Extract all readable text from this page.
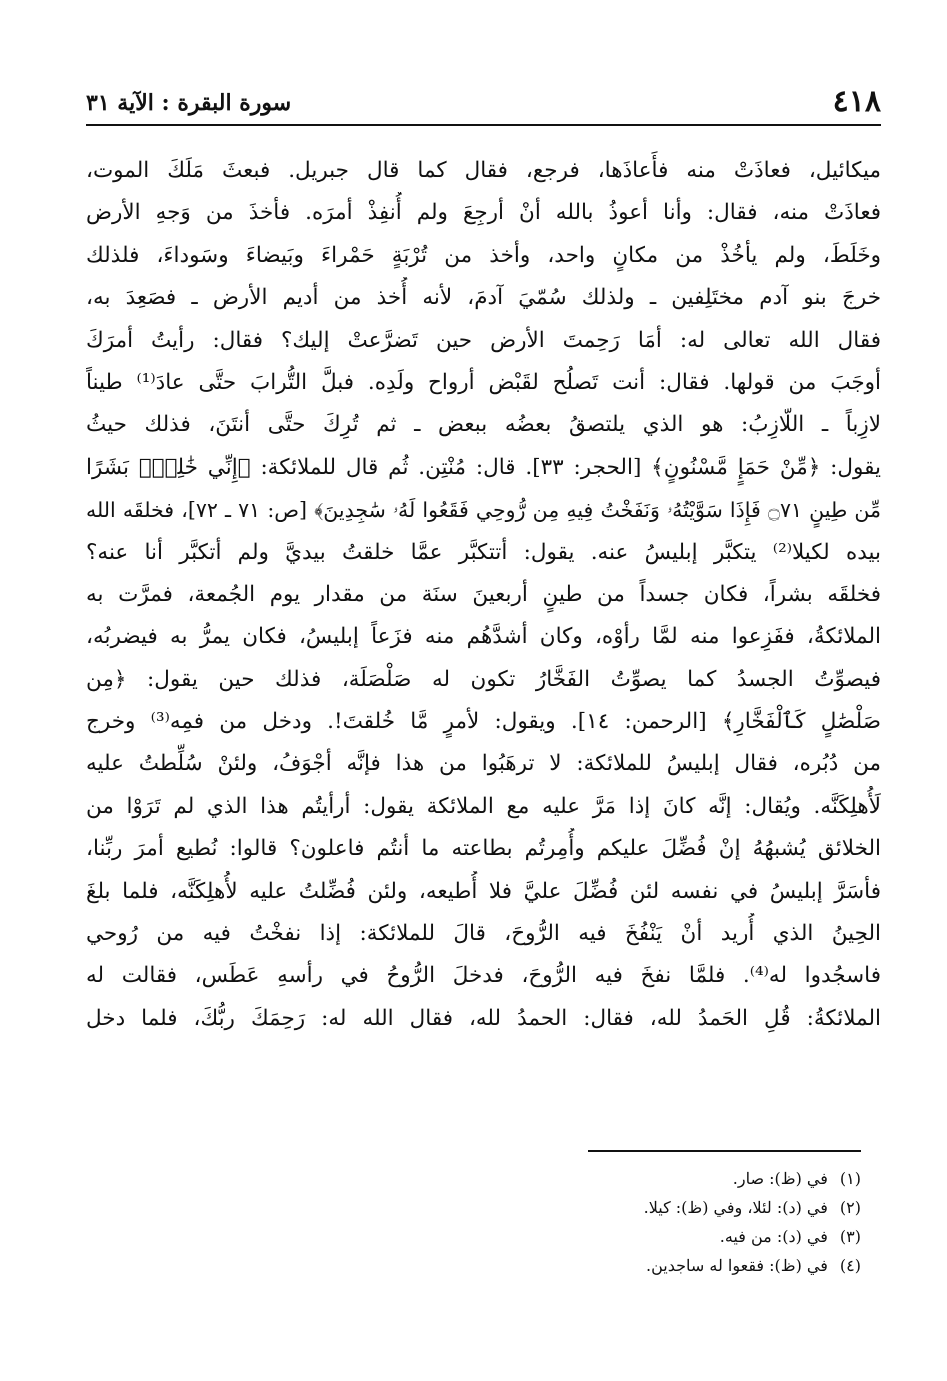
٤١٨
سورة البقرة : الآية ٣١
ميكائيل، فعاذَتْ منه فأَعاذَها، فرجع، فقال كما قال جبريل. فبعثَ مَلَكَ الموت،
فعاذَتْ منه، فقال: وأنا أعوذُ بالله أنْ أرجِعَ ولم أُنفِذْ أمرَه. فأخذَ من وَجهِ الأرض
وخَلَطَ، ولم يأخُذْ من مكانٍ واحد، وأخذ من تُرْبَةٍ حَمْراءَ وبَيضاءَ وسَوداءَ، فلذلك
خرجَ بنو آدم مختَلِفين ـ ولذلك سُمّيَ آدمَ، لأنه أُخذ من أديم الأرض ـ فصَعِدَ به،
فقال الله تعالى له: أمَا رَحِمتَ الأرض حين تَضرَّعتْ إليك؟ فقال: رأيتُ أمرَكَ
أوجَبَ من قولها. فقال: أنت تَصلُح لقَبْض أرواح ولَدِه. فبلَّ التُّرابَ حتَّى عادَ⁽¹⁾ طيناً
لازِباً ـ اللّازِبُ: هو الذي يلتصقُ بعضُه ببعض ـ ثم تُرِكَ حتَّى أنتَنَ، فذلك حيثُ
يقول: ﴿مِّنْ حَمَإٍ مَّسْنُونٍ﴾ [الحجر: ٣٣]. قال: مُنْتِن. ثُم قال للملائكة: ﴿إِنِّي خَٰلِقُۢ بَشَرًا
مِّن طِينٍ ۝٧١ فَإِذَا سَوَّيْتُهُۥ وَنَفَخْتُ فِيهِ مِن رُّوحِي فَقَعُوا لَهُۥ سَٰجِدِينَ﴾ [ص: ٧١ ـ ٧٢]، فخلقَه الله
بيده لكيلا⁽²⁾ يتكبَّر إبليسُ عنه. يقول: أتتكبَّر عمَّا خلقتُ بيديَّ ولم أتكبَّر أنا عنه؟
فخلقَه بشراً، فكان جسداً من طينٍ أربعينَ سنَة من مقدار يوم الجُمعة، فمرَّت به
الملائكةُ، ففَزِعوا منه لمَّا رأوْه، وكان أشدَّهُم منه فزَعاً إبليسُ، فكان يمرُّ به فيضربُه،
فيصوِّتُ الجسدُ كما يصوِّتُ الفَخَّارُ تكون له صَلْصَلَة، فذلك حين يقول: ﴿مِن
صَلْصَٰلٍ كَٱلْفَخَّارِ﴾ [الرحمن: ١٤]. ويقول: لأمرٍ مَّا خُلقتَ!. ودخل من فمِه⁽³⁾ وخرج
من دُبُره، فقال إبليسُ للملائكة: لا ترهَبُوا من هذا فإنَّه أجْوَفُ، ولئنْ سُلِّطتُ عليه
لَأُهلِكَنَّه. ويُقال: إنَّه كانَ إذا مَرَّ عليه مع الملائكة يقول: أرأيتُم هذا الذي لم تَرَوْا من
الخلائق يُشبهُهُ إنْ فُضِّلَ عليكم وأُمِرتُم بطاعته ما أنتُم فاعلون؟ قالوا: نُطيع أمرَ ربِّنا،
فأسَرَّ إبليسُ في نفسه لئن فُضِّلَ عليَّ فلا أُطيعه، ولئن فُضِّلتُ عليه لأُهلِكَنَّه، فلما بلغَ
الحِينُ الذي أُريد أنْ يَنْفُخَ فيه الرُّوحَ، قالَ للملائكة: إذا نفخْتُ فيه من رُوحي
فاسجُدوا له⁽⁴⁾. فلمَّا نفخَ فيه الرُّوحَ، فدخلَ الرُّوحُ في رأسهِ عَطَس، فقالت له
الملائكةُ: قُلِ الحَمدُ لله، فقال: الحمدُ لله، فقال الله له: رَحِمَكَ ربُّكَ، فلما دخل
(١)في (ظ): صار.
(٢)في (د): لئلا، وفي (ظ): كيلا.
(٣)في (د): من فيه.
(٤)في (ظ): فقعوا له ساجدين.
